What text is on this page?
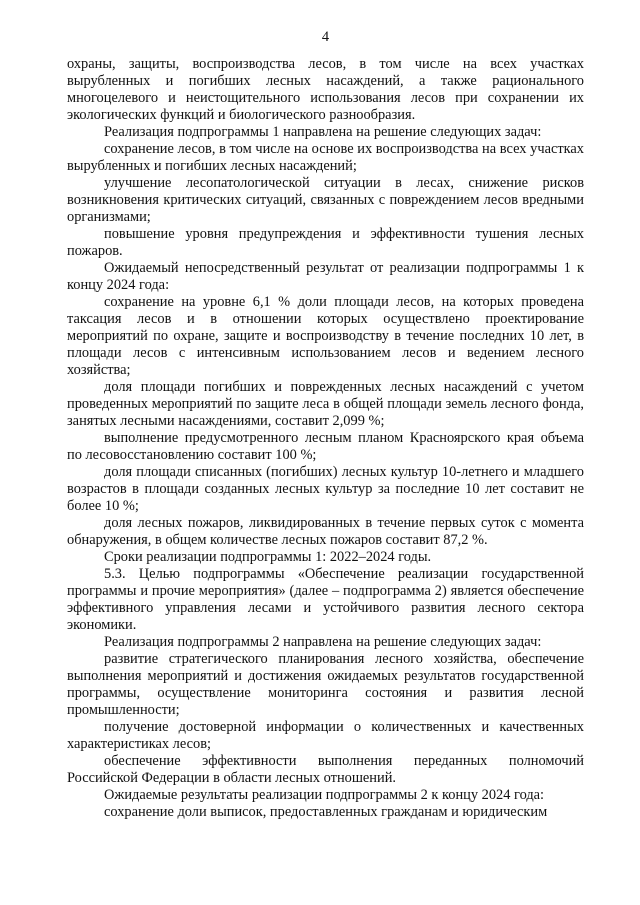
4

охраны, защиты, воспроизводства лесов, в том числе на всех участках вырубленных и погибших лесных насаждений, а также рационального многоцелевого и неистощительного использования лесов при сохранении их экологических функций и биологического разнообразия.

Реализация подпрограммы 1 направлена на решение следующих задач:

сохранение лесов, в том числе на основе их воспроизводства на всех участках вырубленных и погибших лесных насаждений;

улучшение лесопатологической ситуации в лесах, снижение рисков возникновения критических ситуаций, связанных с повреждением лесов вредными организмами;

повышение уровня предупреждения и эффективности тушения лесных пожаров.

Ожидаемый непосредственный результат от реализации подпрограммы 1 к концу 2024 года:

сохранение на уровне 6,1 % доли площади лесов, на которых проведена таксация лесов и в отношении которых осуществлено проектирование мероприятий по охране, защите и воспроизводству в течение последних 10 лет, в площади лесов с интенсивным использованием лесов и ведением лесного хозяйства;

доля площади погибших и поврежденных лесных насаждений с учетом проведенных мероприятий по защите леса в общей площади земель лесного фонда, занятых лесными насаждениями, составит 2,099 %;

выполнение предусмотренного лесным планом Красноярского края объема по лесовосстановлению составит 100 %;

доля площади списанных (погибших) лесных культур 10-летнего и младшего возрастов в площади созданных лесных культур за последние 10 лет составит не более 10 %;

доля лесных пожаров, ликвидированных в течение первых суток с момента обнаружения, в общем количестве лесных пожаров составит 87,2 %.

Сроки реализации подпрограммы 1: 2022–2024 годы.

5.3. Целью подпрограммы «Обеспечение реализации государственной программы и прочие мероприятия» (далее – подпрограмма 2) является обеспечение эффективного управления лесами и устойчивого развития лесного сектора экономики.

Реализация подпрограммы 2 направлена на решение следующих задач:

развитие стратегического планирования лесного хозяйства, обеспечение выполнения мероприятий и достижения ожидаемых результатов государственной программы, осуществление мониторинга состояния и развития лесной промышленности;

получение достоверной информации о количественных и качественных характеристиках лесов;

обеспечение эффективности выполнения переданных полномочий Российской Федерации в области лесных отношений.

Ожидаемые результаты реализации подпрограммы 2 к концу 2024 года:

сохранение доли выписок, предоставленных гражданам и юридическим
